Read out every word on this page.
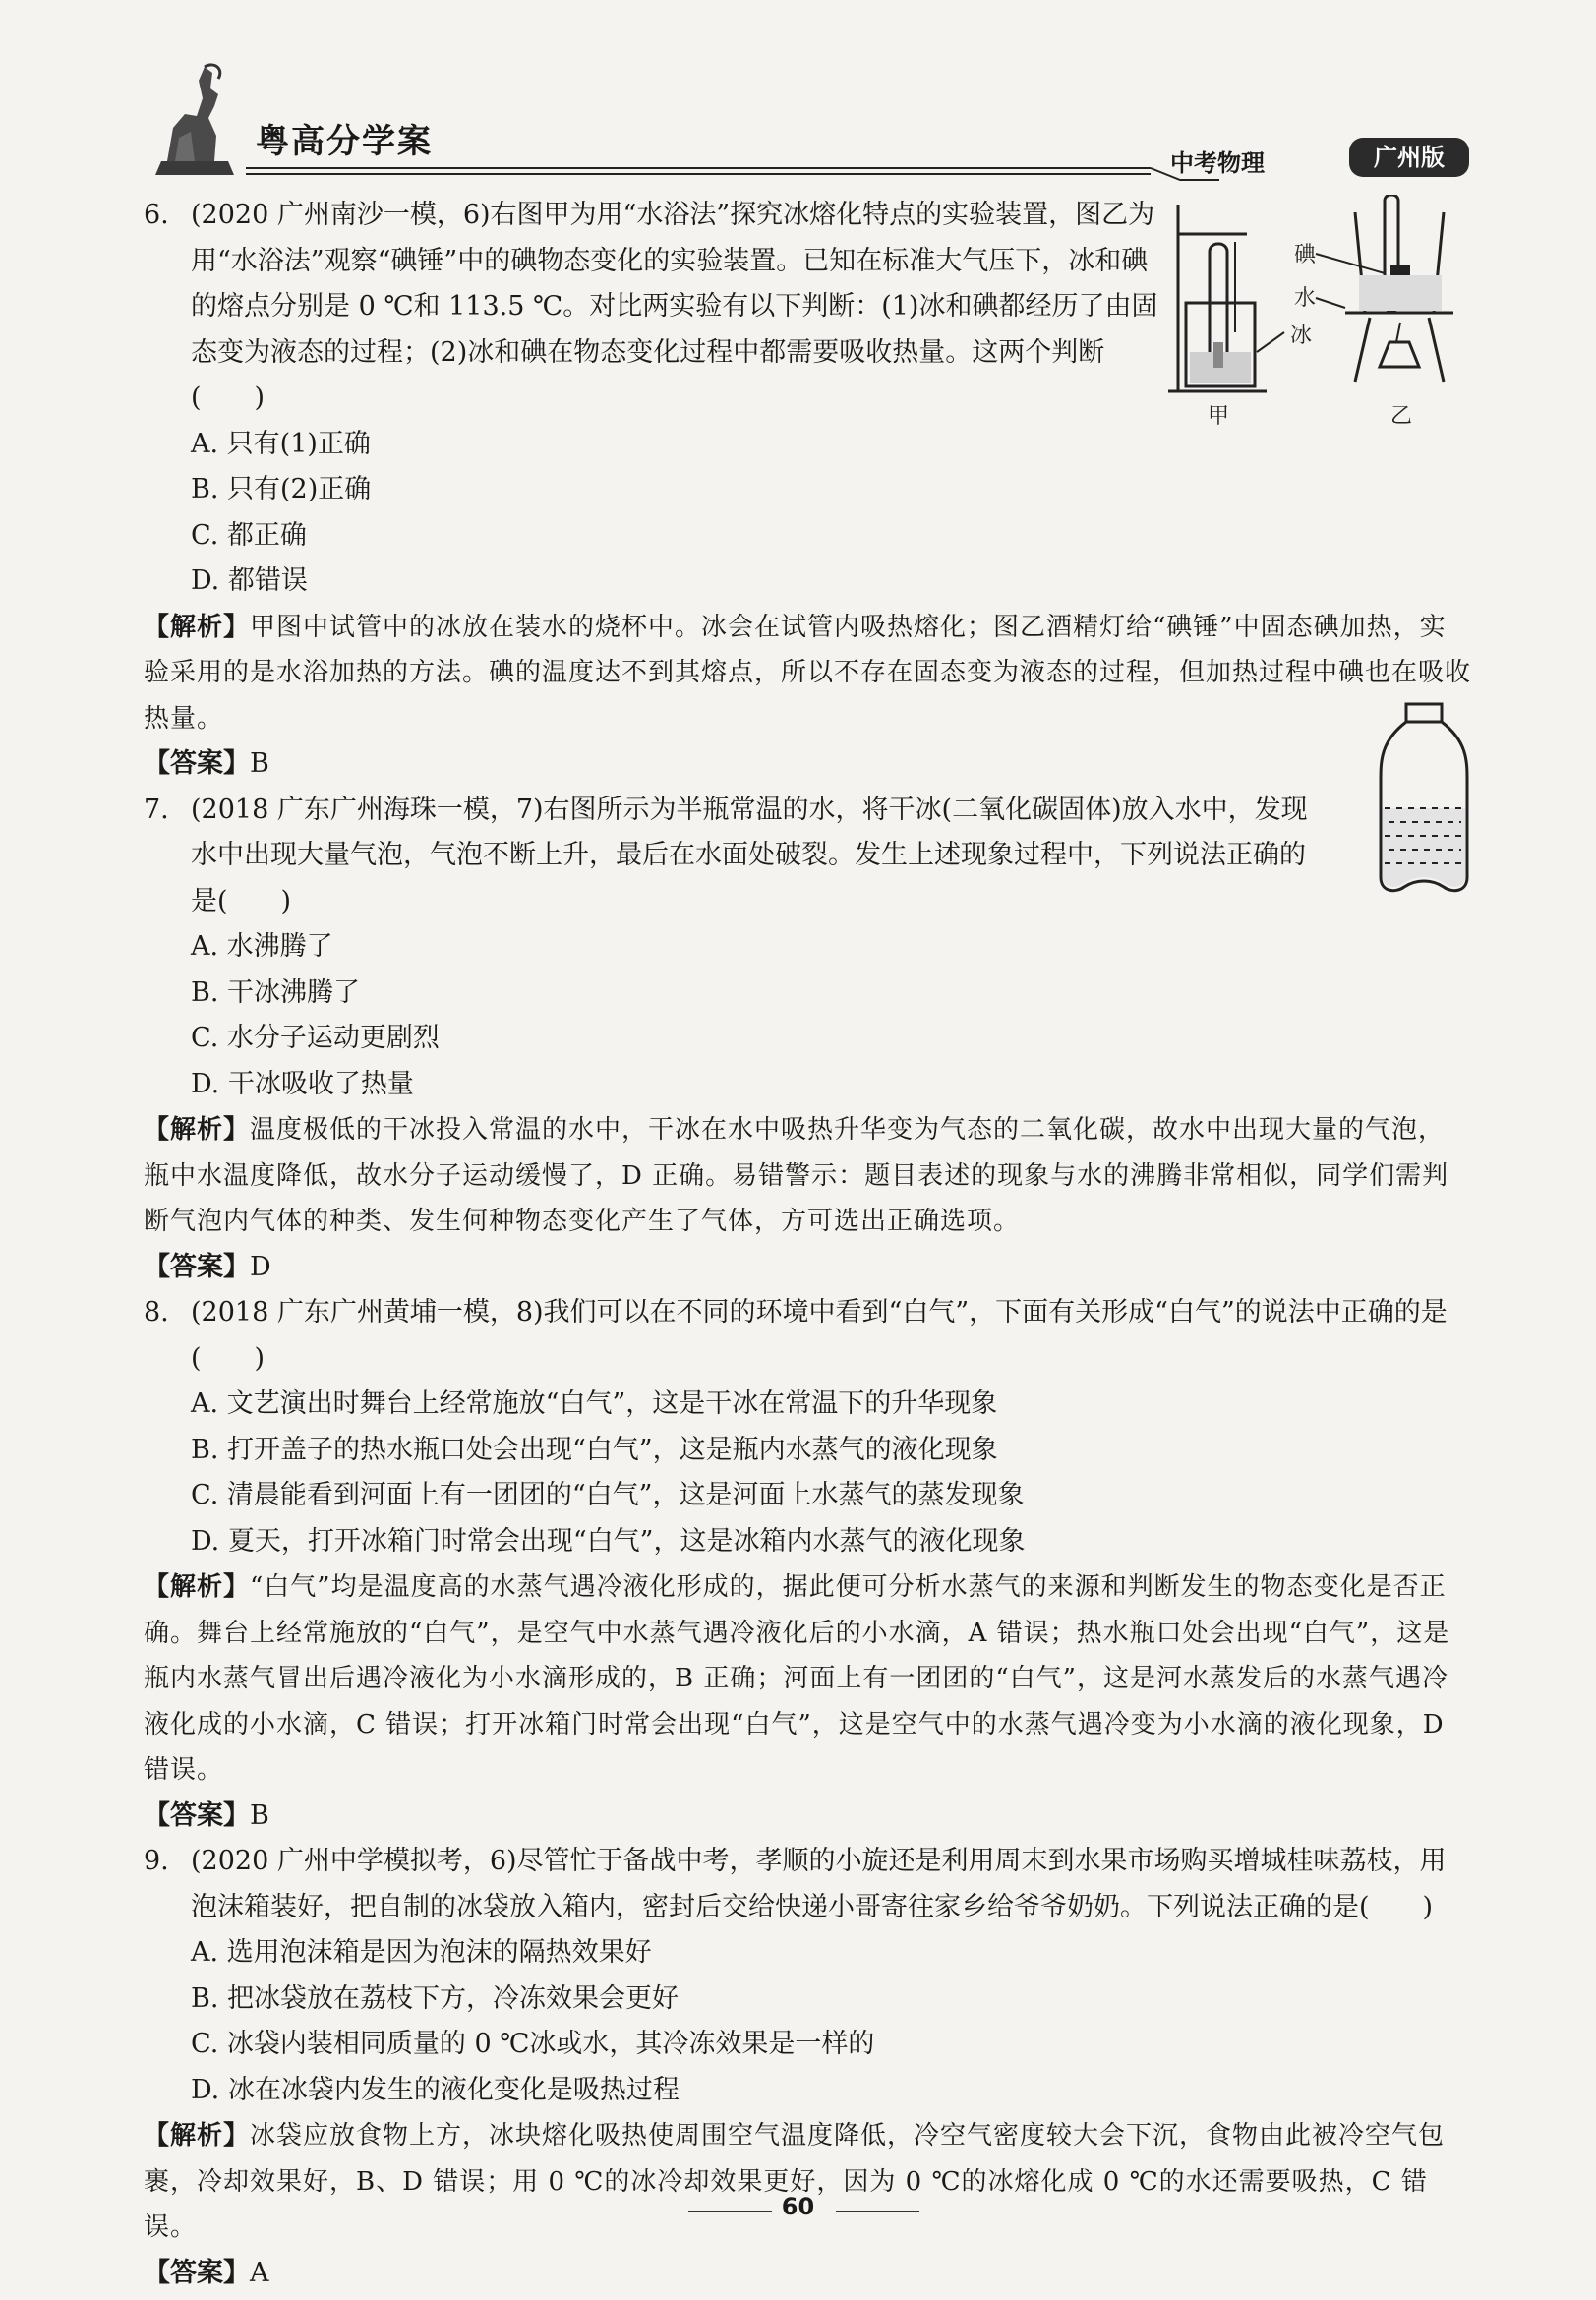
粤高分学案
中考物理	广州版
碘
水
冰
甲	乙
6. (2020 广州南沙一模，6)右图甲为用“水浴法”探究冰熔化特点的实验装置，图乙为用“水浴法”观察“碘锤”中的碘物态变化的实验装置。已知在标准大气压下，冰和碘的熔点分别是 0 ℃和 113.5 ℃。对比两实验有以下判断：(1)冰和碘都经历了由固态变为液态的过程；(2)冰和碘在物态变化过程中都需要吸收热量。这两个判断(　　)
A. 只有(1)正确
B. 只有(2)正确
C. 都正确
D. 都错误
【解析】甲图中试管中的冰放在装水的烧杯中。冰会在试管内吸热熔化；图乙酒精灯给“碘锤”中固态碘加热，实验采用的是水浴加热的方法。碘的温度达不到其熔点，所以不存在固态变为液态的过程，但加热过程中碘也在吸收热量。
【答案】B
7. (2018 广东广州海珠一模，7)右图所示为半瓶常温的水，将干冰(二氧化碳固体)放入水中，发现水中出现大量气泡，气泡不断上升，最后在水面处破裂。发生上述现象过程中，下列说法正确的是(　　)
A. 水沸腾了
B. 干冰沸腾了
C. 水分子运动更剧烈
D. 干冰吸收了热量
【解析】温度极低的干冰投入常温的水中，干冰在水中吸热升华变为气态的二氧化碳，故水中出现大量的气泡，瓶中水温度降低，故水分子运动缓慢了，D 正确。易错警示：题目表述的现象与水的沸腾非常相似，同学们需判断气泡内气体的种类、发生何种物态变化产生了气体，方可选出正确选项。
【答案】D
8. (2018 广东广州黄埔一模，8)我们可以在不同的环境中看到“白气”，下面有关形成“白气”的说法中正确的是(　　)
A. 文艺演出时舞台上经常施放“白气”，这是干冰在常温下的升华现象
B. 打开盖子的热水瓶口处会出现“白气”，这是瓶内水蒸气的液化现象
C. 清晨能看到河面上有一团团的“白气”，这是河面上水蒸气的蒸发现象
D. 夏天，打开冰箱门时常会出现“白气”，这是冰箱内水蒸气的液化现象
【解析】“白气”均是温度高的水蒸气遇冷液化形成的，据此便可分析水蒸气的来源和判断发生的物态变化是否正确。舞台上经常施放的“白气”，是空气中水蒸气遇冷液化后的小水滴，A 错误；热水瓶口处会出现“白气”，这是瓶内水蒸气冒出后遇冷液化为小水滴形成的，B 正确；河面上有一团团的“白气”，这是河水蒸发后的水蒸气遇冷液化成的小水滴，C 错误；打开冰箱门时常会出现“白气”，这是空气中的水蒸气遇冷变为小水滴的液化现象，D 错误。
【答案】B
9. (2020 广州中学模拟考，6)尽管忙于备战中考，孝顺的小旋还是利用周末到水果市场购买增城桂味荔枝，用泡沫箱装好，把自制的冰袋放入箱内，密封后交给快递小哥寄往家乡给爷爷奶奶。下列说法正确的是(　　)
A. 选用泡沫箱是因为泡沫的隔热效果好
B. 把冰袋放在荔枝下方，冷冻效果会更好
C. 冰袋内装相同质量的 0 ℃冰或水，其冷冻效果是一样的
D. 冰在冰袋内发生的液化变化是吸热过程
【解析】冰袋应放食物上方，冰块熔化吸热使周围空气温度降低，冷空气密度较大会下沉，食物由此被冷空气包裹，冷却效果好，B、D 错误；用 0 ℃的冰冷却效果更好，因为 0 ℃的冰熔化成 0 ℃的水还需要吸热，C 错误。
【答案】A
60
